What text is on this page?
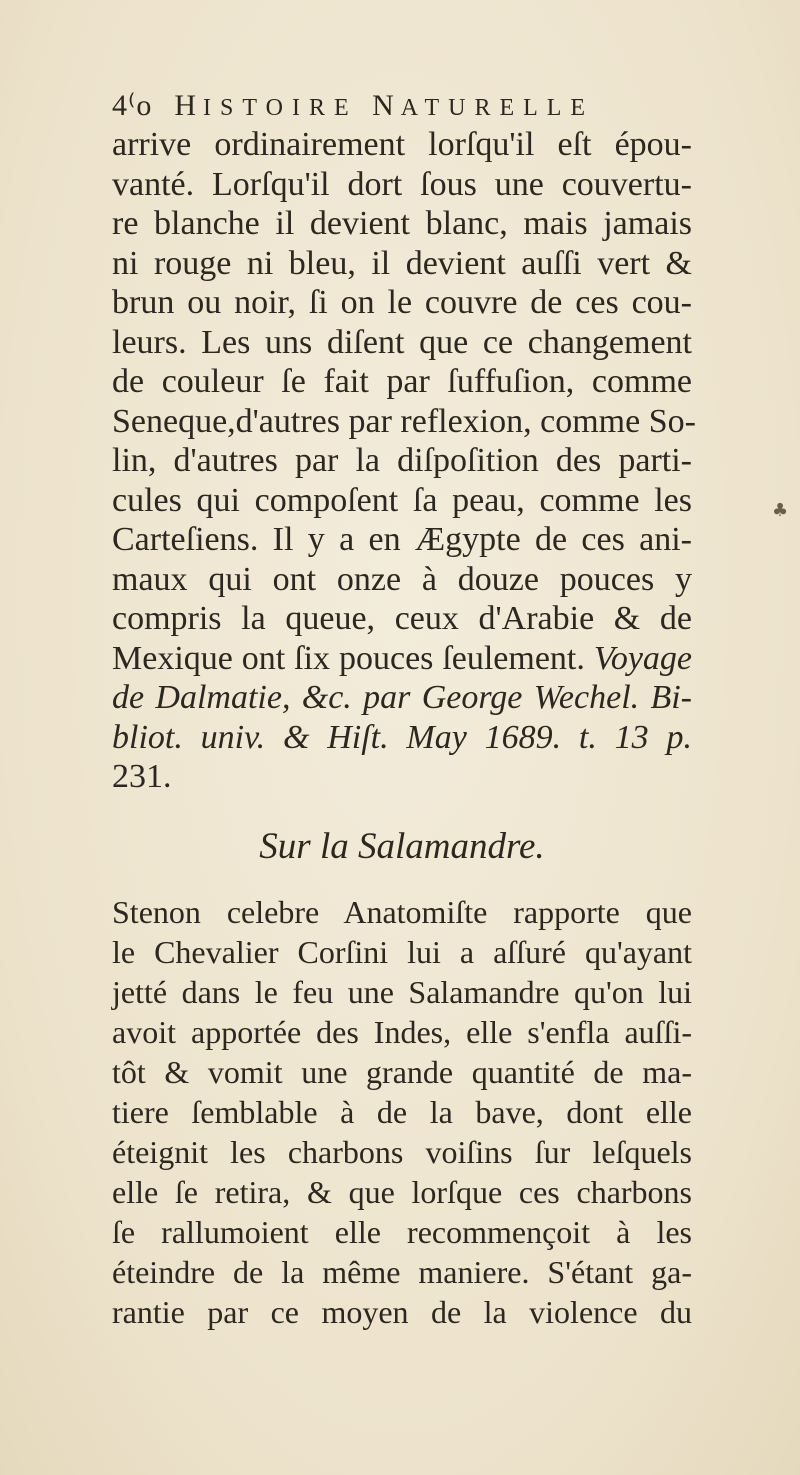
4⁽o HISTOIRE NATURELLE
arrive ordinairement lorſqu'il eſt épou-
vanté. Lorſqu'il dort ſous une couvertu-
re blanche il devient blanc, mais jamais
ni rouge ni bleu, il devient auſſi vert &
brun ou noir, ſi on le couvre de ces cou-
leurs. Les uns diſent que ce changement
de couleur ſe fait par ſuffuſion, comme
Seneque,d'autres par reflexion, comme So-
lin, d'autres par la diſpoſition des parti-
cules qui compoſent ſa peau, comme les
Carteſiens. Il y a en Ægypte de ces ani-
maux qui ont onze à douze pouces y
compris la queue, ceux d'Arabie & de
Mexique ont ſix pouces ſeulement. Voyage
de Dalmatie, &c. par George Wechel. Bi-
bliot. univ. & Hiſt. May 1689. t. 13 p.
231.
Sur la Salamandre.
Stenon celebre Anatomiſte rapporte que
le Chevalier Corſini lui a aſſuré qu'ayant
jetté dans le feu une Salamandre qu'on lui
avoit apportée des Indes, elle s'enfla auſſi-
tôt & vomit une grande quantité de ma-
tiere ſemblable à de la bave, dont elle
éteignit les charbons voiſins ſur leſquels
elle ſe retira, & que lorſque ces charbons
ſe rallumoient elle recommençoit à les
éteindre de la même maniere. S'étant ga-
rantie par ce moyen de la violence du
♣
